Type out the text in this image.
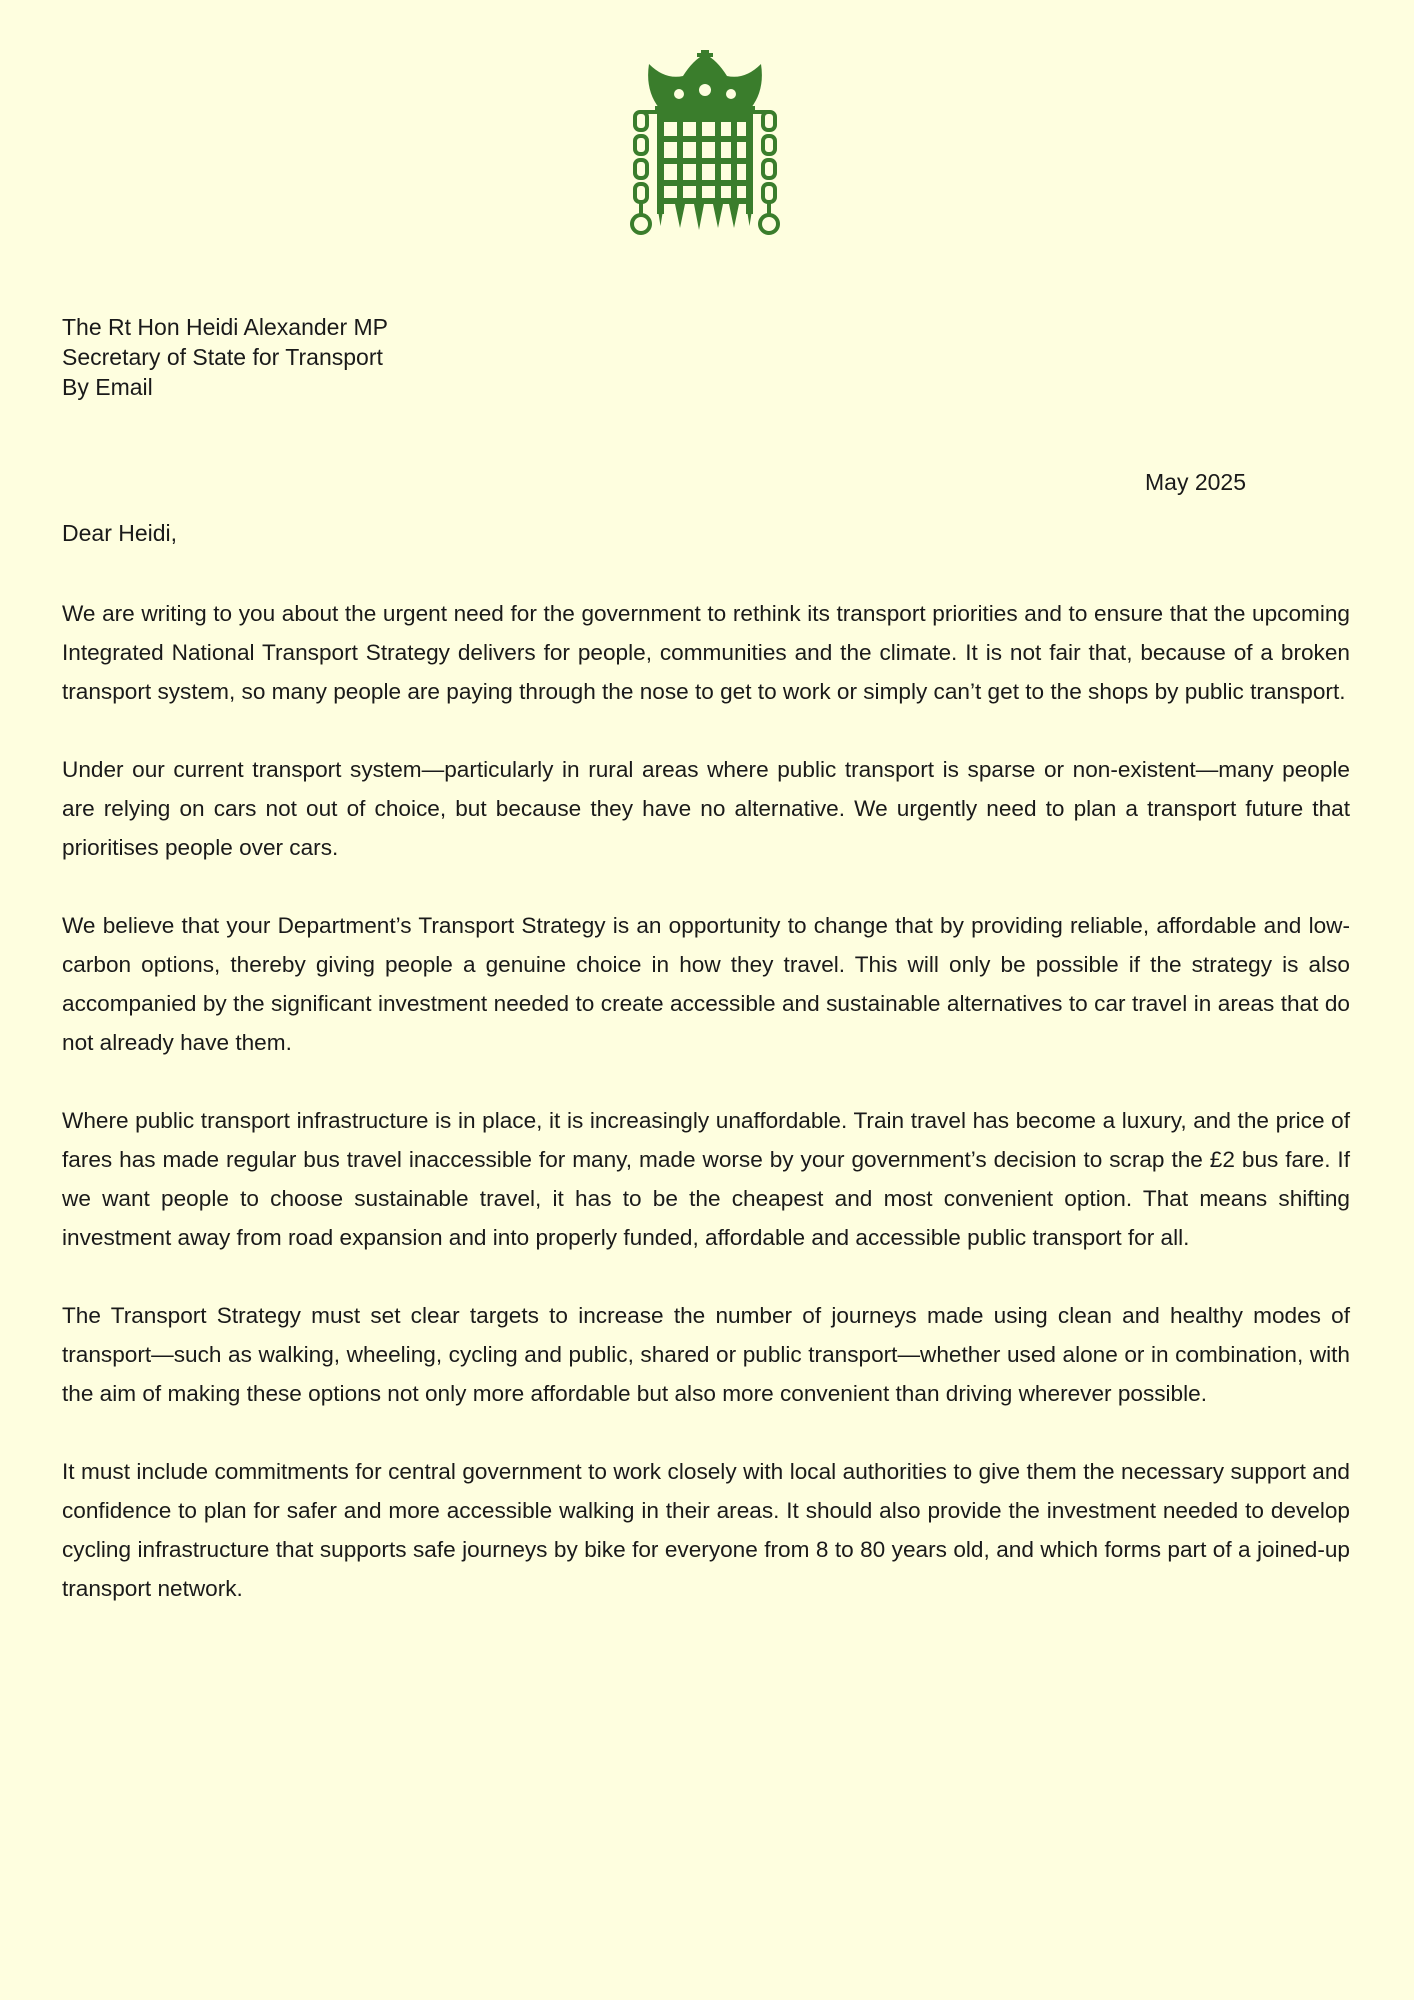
The Rt Hon Heidi Alexander MP
Secretary of State for Transport
By Email
May 2025
Dear Heidi,

We are writing to you about the urgent need for the government to rethink its transport priorities and to ensure that the upcoming Integrated National Transport Strategy delivers for people, communities and the climate. It is not fair that, because of a broken transport system, so many people are paying through the nose to get to work or simply can’t get to the shops by public transport.

Under our current transport system—particularly in rural areas where public transport is sparse or non-existent—many people are relying on cars not out of choice, but because they have no alternative. We urgently need to plan a transport future that prioritises people over cars.

We believe that your Department’s Transport Strategy is an opportunity to change that by providing reliable, affordable and low-carbon options, thereby giving people a genuine choice in how they travel. This will only be possible if the strategy is also accompanied by the significant investment needed to create accessible and sustainable alternatives to car travel in areas that do not already have them.

Where public transport infrastructure is in place, it is increasingly unaffordable. Train travel has become a luxury, and the price of fares has made regular bus travel inaccessible for many, made worse by your government’s decision to scrap the £2 bus fare. If we want people to choose sustainable travel, it has to be the cheapest and most convenient option. That means shifting investment away from road expansion and into properly funded, affordable and accessible public transport for all.

The Transport Strategy must set clear targets to increase the number of journeys made using clean and healthy modes of transport—such as walking, wheeling, cycling and public, shared or public transport—whether used alone or in combination, with the aim of making these options not only more affordable but also more convenient than driving wherever possible.

It must include commitments for central government to work closely with local authorities to give them the necessary support and confidence to plan for safer and more accessible walking in their areas. It should also provide the investment needed to develop cycling infrastructure that supports safe journeys by bike for everyone from 8 to 80 years old, and which forms part of a joined-up transport network.
